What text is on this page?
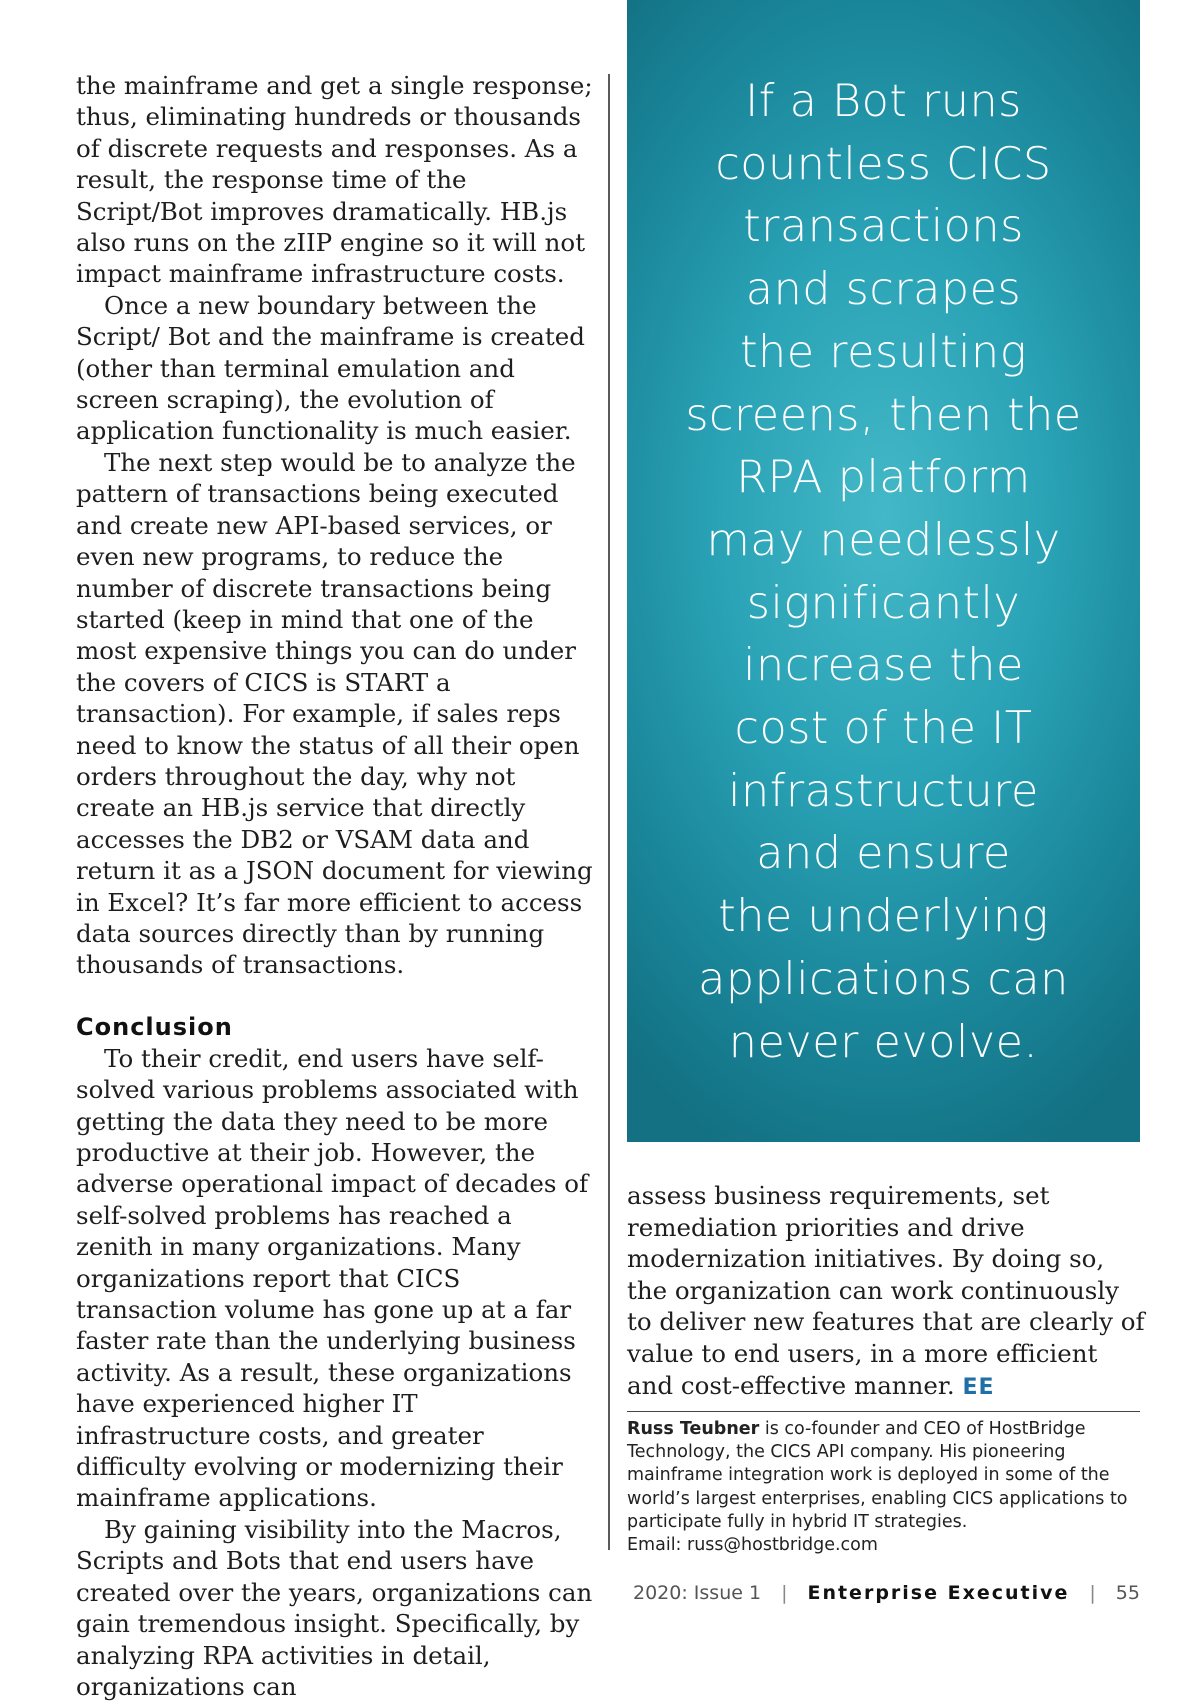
the mainframe and get a single response; thus, eliminating hundreds or thousands of discrete requests and responses. As a result, the response time of the Script/Bot improves dramatically. HB.js also runs on the zIIP engine so it will not impact mainframe infrastructure costs.

Once a new boundary between the Script/ Bot and the mainframe is created (other than terminal emulation and screen scraping), the evolution of application functionality is much easier.

The next step would be to analyze the pattern of transactions being executed and create new API-based services, or even new programs, to reduce the number of discrete transactions being started (keep in mind that one of the most expensive things you can do under the covers of CICS is START a transaction). For example, if sales reps need to know the status of all their open orders throughout the day, why not create an HB.js service that directly accesses the DB2 or VSAM data and return it as a JSON document for viewing in Excel? It’s far more efficient to access data sources directly than by running thousands of transactions.

Conclusion

To their credit, end users have self-solved various problems associated with getting the data they need to be more productive at their job. However, the adverse operational impact of decades of self-solved problems has reached a zenith in many organizations. Many organizations report that CICS transaction volume has gone up at a far faster rate than the underlying business activity. As a result, these organizations have experienced higher IT infrastructure costs, and greater difficulty evolving or modernizing their mainframe applications.

By gaining visibility into the Macros, Scripts and Bots that end users have created over the years, organizations can gain tremendous insight. Specifically, by analyzing RPA activities in detail, organizations can

If a Bot runs
countless CICS
transactions
and scrapes
the resulting
screens, then the
RPA platform
may needlessly
significantly
increase the
cost of the IT
infrastructure
and ensure
the underlying
applications can
never evolve.

assess business requirements, set remediation priorities and drive modernization initiatives. By doing so, the organization can work continuously to deliver new features that are clearly of value to end users, in a more efficient and cost-effective manner. EE

Russ Teubner is co-founder and CEO of HostBridge Technology, the CICS API company. His pioneering mainframe integration work is deployed in some of the world’s largest enterprises, enabling CICS applications to participate fully in hybrid IT strategies.
Email: russ@hostbridge.com
2020: Issue 1 | Enterprise Executive | 55
